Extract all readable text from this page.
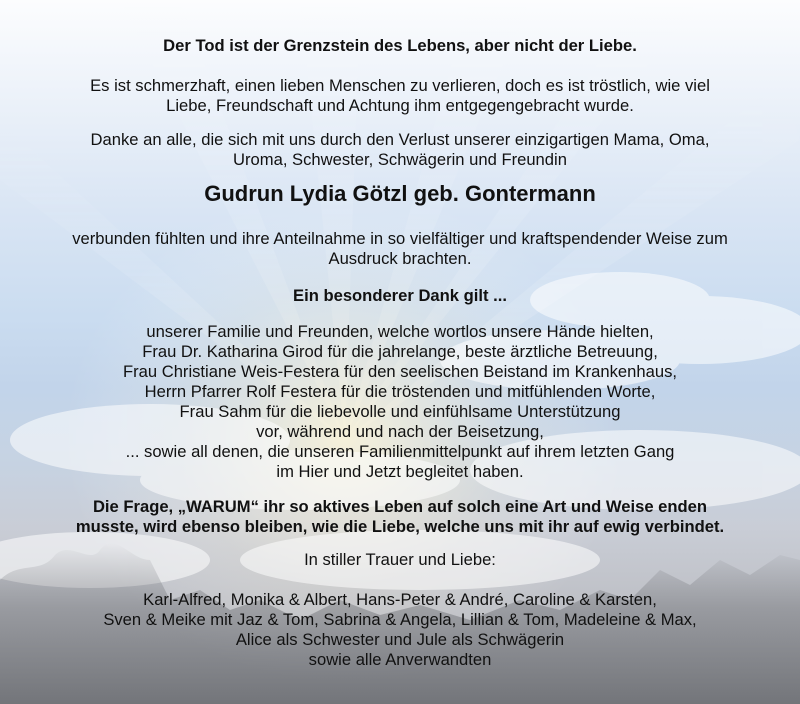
Der Tod ist der Grenzstein des Lebens, aber nicht der Liebe.

Es ist schmerzhaft, einen lieben Menschen zu verlieren, doch es ist tröstlich, wie viel
Liebe, Freundschaft und Achtung ihm entgegengebracht wurde.

Danke an alle, die sich mit uns durch den Verlust unserer einzigartigen Mama, Oma,
Uroma, Schwester, Schwägerin und Freundin

Gudrun Lydia Götzl geb. Gontermann

verbunden fühlten und ihre Anteilnahme in so vielfältiger und kraftspendender Weise zum
Ausdruck brachten.

Ein besonderer Dank gilt ...

unserer Familie und Freunden, welche wortlos unsere Hände hielten,
Frau Dr. Katharina Girod für die jahrelange, beste ärztliche Betreuung,
Frau Christiane Weis-Festera für den seelischen Beistand im Krankenhaus,
Herrn Pfarrer Rolf Festera für die tröstenden und mitfühlenden Worte,
Frau Sahm für die liebevolle und einfühlsame Unterstützung
vor, während und nach der Beisetzung,
... sowie all denen, die unseren Familienmittelpunkt auf ihrem letzten Gang
im Hier und Jetzt begleitet haben.

Die Frage, „WARUM“ ihr so aktives Leben auf solch eine Art und Weise enden
musste, wird ebenso bleiben, wie die Liebe, welche uns mit ihr auf ewig verbindet.

In stiller Trauer und Liebe:

Karl-Alfred, Monika & Albert, Hans-Peter & André, Caroline & Karsten,
Sven & Meike mit Jaz & Tom, Sabrina & Angela, Lillian & Tom, Madeleine & Max,
Alice als Schwester und Jule als Schwägerin
sowie alle Anverwandten
